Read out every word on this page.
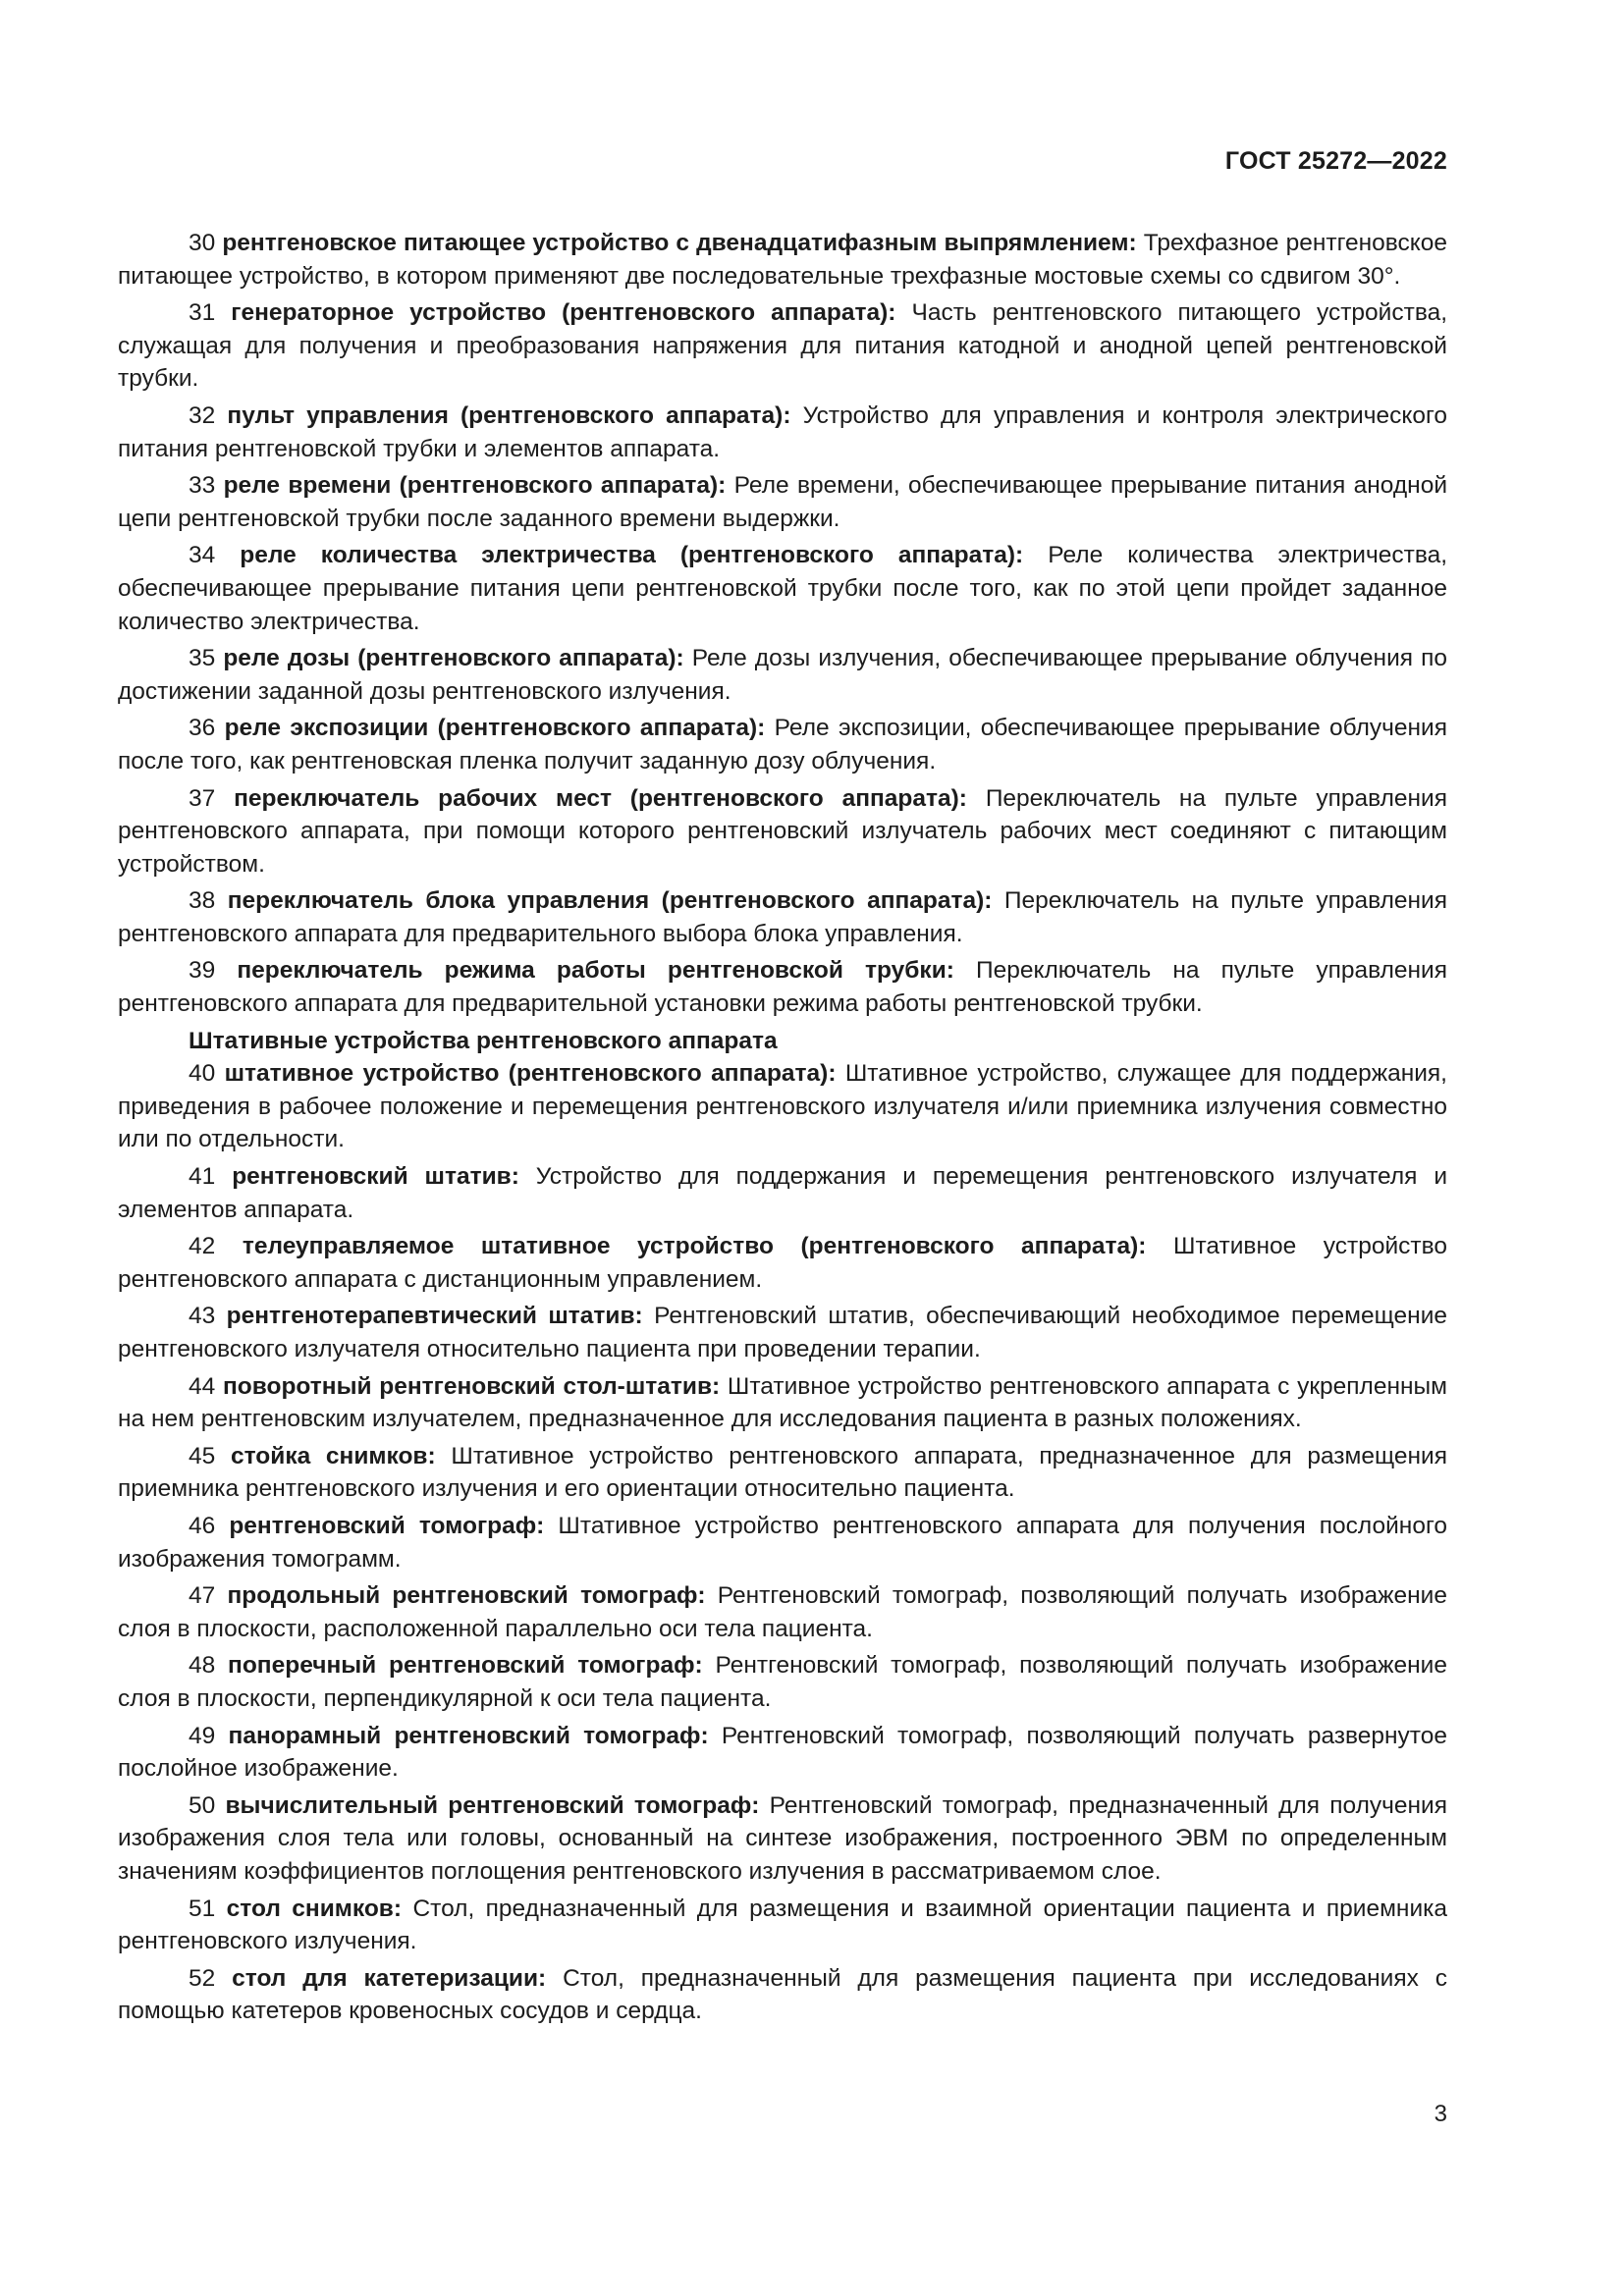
ГОСТ 25272—2022

30 рентгеновское питающее устройство с двенадцатифазным выпрямлением: Трехфазное рентгеновское питающее устройство, в котором применяют две последовательные трехфазные мостовые схемы со сдвигом 30°.

31 генераторное устройство (рентгеновского аппарата): Часть рентгеновского питающего устройства, служащая для получения и преобразования напряжения для питания катодной и анодной цепей рентгеновской трубки.

32 пульт управления (рентгеновского аппарата): Устройство для управления и контроля электрического питания рентгеновской трубки и элементов аппарата.

33 реле времени (рентгеновского аппарата): Реле времени, обеспечивающее прерывание питания анодной цепи рентгеновской трубки после заданного времени выдержки.

34 реле количества электричества (рентгеновского аппарата): Реле количества электричества, обеспечивающее прерывание питания цепи рентгеновской трубки после того, как по этой цепи пройдет заданное количество электричества.

35 реле дозы (рентгеновского аппарата): Реле дозы излучения, обеспечивающее прерывание облучения по достижении заданной дозы рентгеновского излучения.

36 реле экспозиции (рентгеновского аппарата): Реле экспозиции, обеспечивающее прерывание облучения после того, как рентгеновская пленка получит заданную дозу облучения.

37 переключатель рабочих мест (рентгеновского аппарата): Переключатель на пульте управления рентгеновского аппарата, при помощи которого рентгеновский излучатель рабочих мест соединяют с питающим устройством.

38 переключатель блока управления (рентгеновского аппарата): Переключатель на пульте управления рентгеновского аппарата для предварительного выбора блока управления.

39 переключатель режима работы рентгеновской трубки: Переключатель на пульте управления рентгеновского аппарата для предварительной установки режима работы рентгеновской трубки.

Штативные устройства рентгеновского аппарата

40 штативное устройство (рентгеновского аппарата): Штативное устройство, служащее для поддержания, приведения в рабочее положение и перемещения рентгеновского излучателя и/или приемника излучения совместно или по отдельности.

41 рентгеновский штатив: Устройство для поддержания и перемещения рентгеновского излучателя и элементов аппарата.

42 телеуправляемое штативное устройство (рентгеновского аппарата): Штативное устройство рентгеновского аппарата с дистанционным управлением.

43 рентгенотерапевтический штатив: Рентгеновский штатив, обеспечивающий необходимое перемещение рентгеновского излучателя относительно пациента при проведении терапии.

44 поворотный рентгеновский стол-штатив: Штативное устройство рентгеновского аппарата с укрепленным на нем рентгеновским излучателем, предназначенное для исследования пациента в разных положениях.

45 стойка снимков: Штативное устройство рентгеновского аппарата, предназначенное для размещения приемника рентгеновского излучения и его ориентации относительно пациента.

46 рентгеновский томограф: Штативное устройство рентгеновского аппарата для получения послойного изображения томограмм.

47 продольный рентгеновский томограф: Рентгеновский томограф, позволяющий получать изображение слоя в плоскости, расположенной параллельно оси тела пациента.

48 поперечный рентгеновский томограф: Рентгеновский томограф, позволяющий получать изображение слоя в плоскости, перпендикулярной к оси тела пациента.

49 панорамный рентгеновский томограф: Рентгеновский томограф, позволяющий получать развернутое послойное изображение.

50 вычислительный рентгеновский томограф: Рентгеновский томограф, предназначенный для получения изображения слоя тела или головы, основанный на синтезе изображения, построенного ЭВМ по определенным значениям коэффициентов поглощения рентгеновского излучения в рассматриваемом слое.

51 стол снимков: Стол, предназначенный для размещения и взаимной ориентации пациента и приемника рентгеновского излучения.

52 стол для катетеризации: Стол, предназначенный для размещения пациента при исследованиях с помощью катетеров кровеносных сосудов и сердца.

3
